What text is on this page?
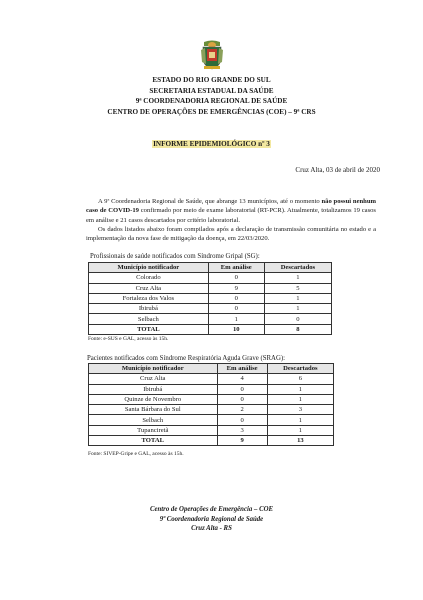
ESTADO DO RIO GRANDE DO SUL
SECRETARIA ESTADUAL DA SAÚDE
9ª COORDENADORIA REGIONAL DE SAÚDE
CENTRO DE OPERAÇÕES DE EMERGÊNCIAS (COE) – 9ª CRS
INFORME EPIDEMIOLÓGICO nº 3
Cruz Alta, 03 de abril de 2020

A 9ª Coordenadoria Regional de Saúde, que abrange 13 municípios, até o momento não possui nenhum caso de COVID-19 confirmado por meio de exame laboratorial (RT-PCR). Atualmente, totalizamos 19 casos em análise e 21 casos descartados por critério laboratorial.

Os dados listados abaixo foram compilados após a declaração de transmissão comunitária no estado e a implementação da nova fase de mitigação da doença, em 22/03/2020.

Profissionais de saúde notificados com Síndrome Gripal (SG):
Município notificador	Em análise	Descartados
Colorado	0	1
Cruz Alta	9	5
Fortaleza dos Valos	0	1
Ibirubá	0	1
Selbach	1	0
TOTAL	10	8
Fonte: e-SUS e GAL, acesso às 15h.
Pacientes notificados com Síndrome Respiratória Aguda Grave (SRAG):
Município notificador	Em análise	Descartados
Cruz Alta	4	6
Ibirubá	0	1
Quinze de Novembro	0	1
Santa Bárbara do Sul	2	3
Selbach	0	1
Tupanciretã	3	1
TOTAL	9	13
Fonte: SIVEP-Gripe e GAL, acesso às 15h.
Centro de Operações de Emergência – COE
9ª Coordenadoria Regional de Saúde
Cruz Alta - RS
